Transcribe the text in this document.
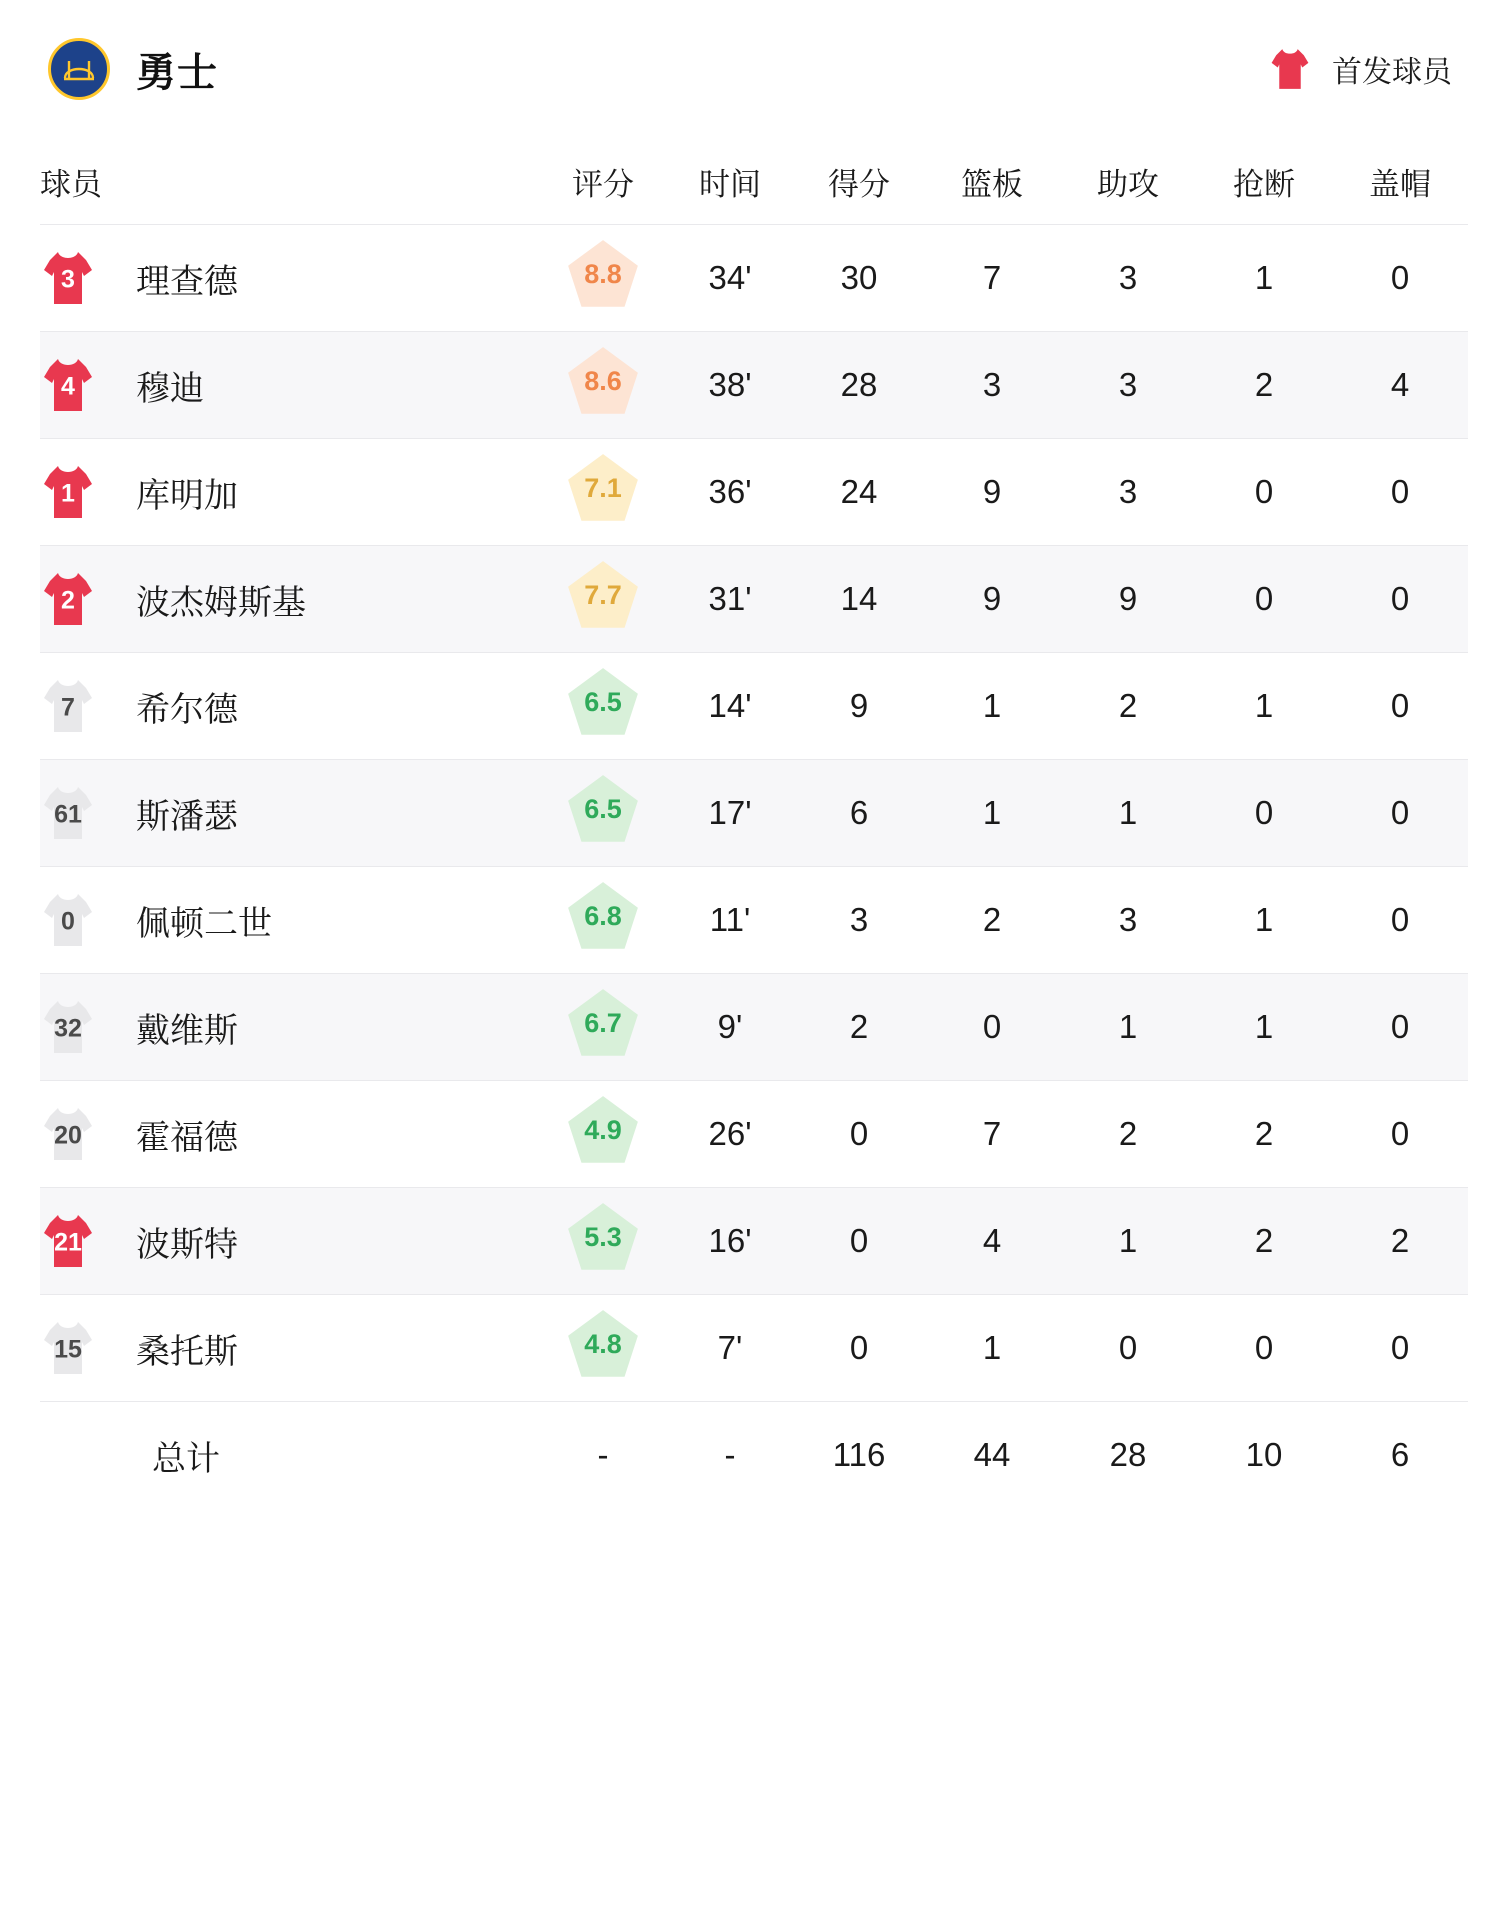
勇士	首发球员
球员	评分	时间	得分	篮板	助攻	抢断	盖帽

3 理查德	8.8	34'	30	7	3	1	0

4 穆迪	8.6	38'	28	3	3	2	4

1 库明加	7.1	36'	24	9	3	0	0

2 波杰姆斯基	7.7	31'	14	9	9	0	0

7 希尔德	6.5	14'	9	1	2	1	0

61 斯潘瑟	6.5	17'	6	1	1	0	0

0 佩顿二世	6.8	11'	3	2	3	1	0

32 戴维斯	6.7	9'	2	0	1	1	0

20 霍福德	4.9	26'	0	7	2	2	0

21 波斯特	5.3	16'	0	4	1	2	2

15 桑托斯	4.8	7'	0	1	0	0	0
总计	-	-	116	44	28	10	6
